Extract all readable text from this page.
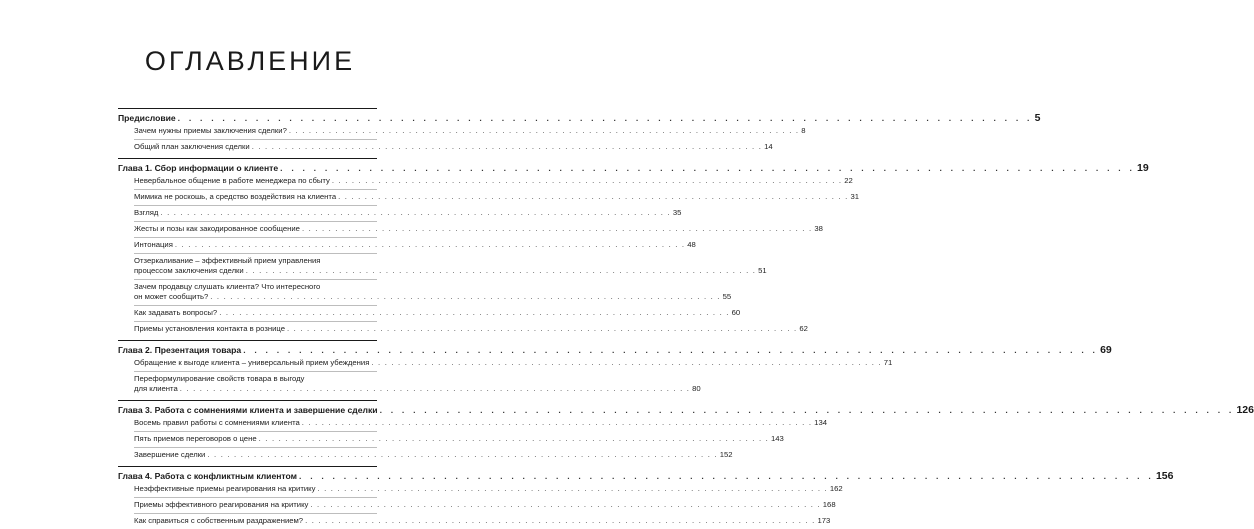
ОГЛАВЛЕНИЕ
Предисловие . . .	5
Зачем нужны приемы заключения сделки? . . .	8
Общий план заключения сделки . . .	14
Глава 1. Сбор информации о клиенте . . .	19
Невербальное общение в работе менеджера по сбыту . . .	22
Мимика не роскошь, а средство воздействия на клиента . . .	31
Взгляд . . .	35
Жесты и позы как закодированное сообщение . . .	38
Интонация . . .	48
Отзеркаливание – эффективный прием управления
процессом заключения сделки . . .	51
Зачем продавцу слушать клиента? Что интересного
он может сообщить? . . .	55
Как задавать вопросы? . . .	60
Приемы установления контакта в рознице . . .	62
Глава 2. Презентация товара . . .	69
Обращение к выгоде клиента – универсальный прием убеждения . . .	71
Переформулирование свойств товара в выгоду
для клиента . . .	80
Глава 3. Работа с сомнениями клиента и завершение сделки . . .	126
Восемь правил работы с сомнениями клиента . . .	134
Пять приемов переговоров о цене . . .	143
Завершение сделки . . .	152
Глава 4. Работа с конфликтным клиентом . . .	156
Неэффективные приемы реагирования на критику . . .	162
Приемы эффективного реагирования на критику . . .	168
Как справиться с собственным раздражением? . . .	173
